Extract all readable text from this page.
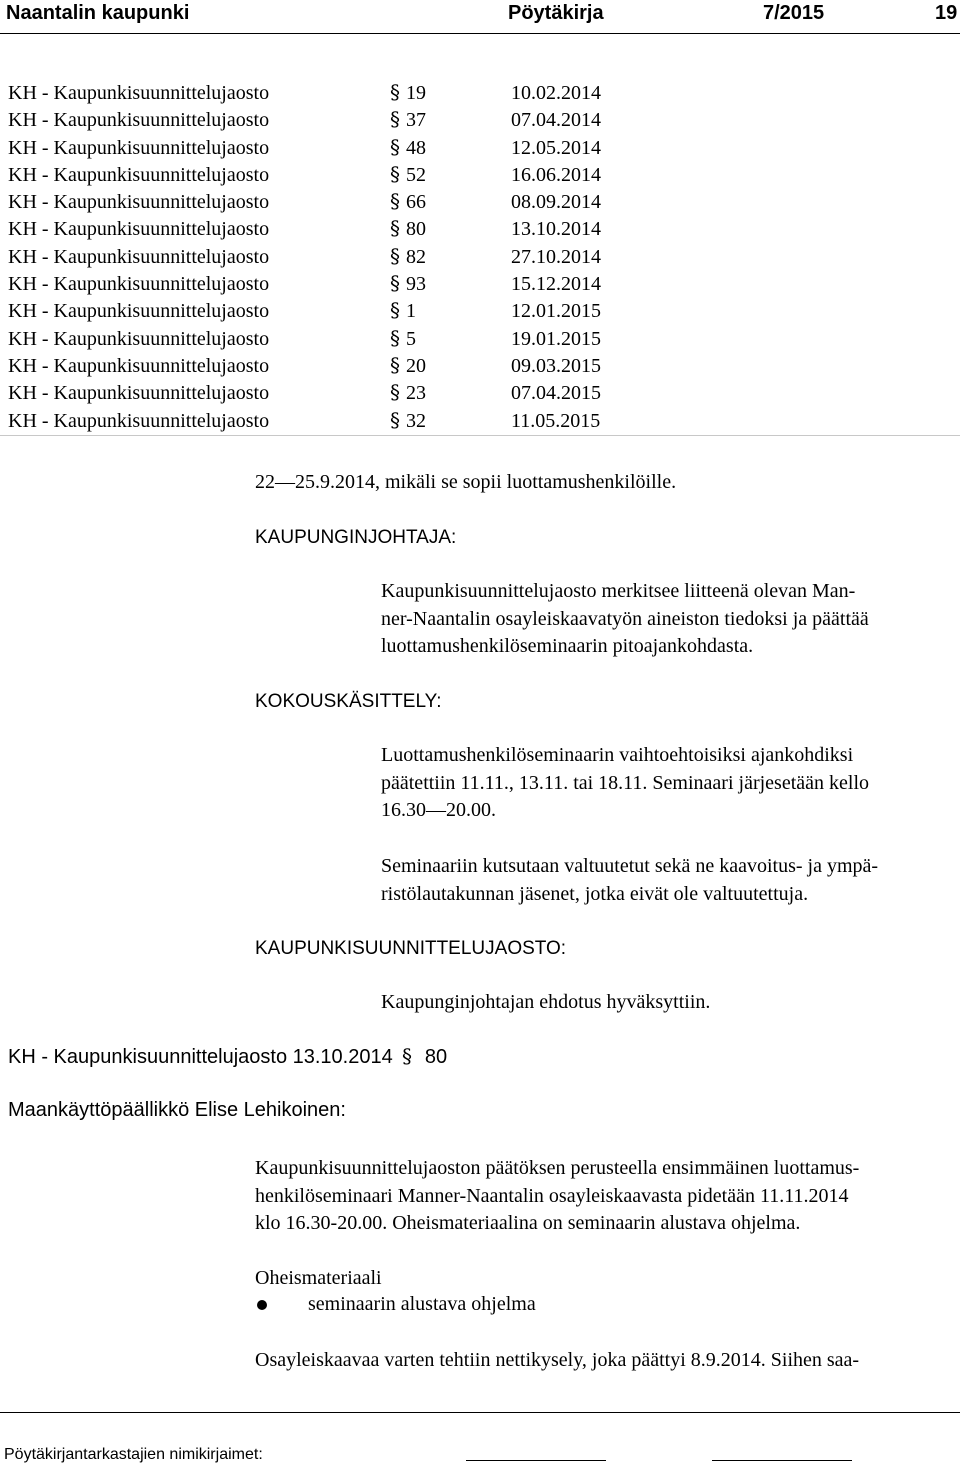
Naantalin kaupunki	Pöytäkirja	7/2015	19
KH - Kaupunkisuunnittelujaosto	§ 19	10.02.2014
KH - Kaupunkisuunnittelujaosto	§ 37	07.04.2014
KH - Kaupunkisuunnittelujaosto	§ 48	12.05.2014
KH - Kaupunkisuunnittelujaosto	§ 52	16.06.2014
KH - Kaupunkisuunnittelujaosto	§ 66	08.09.2014
KH - Kaupunkisuunnittelujaosto	§ 80	13.10.2014
KH - Kaupunkisuunnittelujaosto	§ 82	27.10.2014
KH - Kaupunkisuunnittelujaosto	§ 93	15.12.2014
KH - Kaupunkisuunnittelujaosto	§ 1	12.01.2015
KH - Kaupunkisuunnittelujaosto	§ 5	19.01.2015
KH - Kaupunkisuunnittelujaosto	§ 20	09.03.2015
KH - Kaupunkisuunnittelujaosto	§ 23	07.04.2015
KH - Kaupunkisuunnittelujaosto	§ 32	11.05.2015
22—25.9.2014, mikäli se sopii luottamushenkilöille.
KAUPUNGINJOHTAJA:
Kaupunkisuunnittelujaosto merkitsee liitteenä olevan Man-
ner-Naantalin osayleiskaavatyön aineiston tiedoksi ja päättää
luottamushenkilöseminaarin pitoajankohdasta.
KOKOUSKÄSITTELY:
Luottamushenkilöseminaarin vaihtoehtoisiksi ajankohdiksi
päätettiin 11.11., 13.11. tai 18.11. Seminaari järjesetään kello
16.30—20.00.
Seminaariin kutsutaan valtuutetut sekä ne kaavoitus- ja ympä-
ristölautakunnan jäsenet, jotka eivät ole valtuutettuja.
KAUPUNKISUUNNITTELUJAOSTO:
Kaupunginjohtajan ehdotus hyväksyttiin.
KH - Kaupunkisuunnittelujaosto 13.10.2014 § 80
Maankäyttöpäällikkö Elise Lehikoinen:
Kaupunkisuunnittelujaoston päätöksen perusteella ensimmäinen luottamus-
henkilöseminaari Manner-Naantalin osayleiskaavasta pidetään 11.11.2014
klo 16.30-20.00. Oheismateriaalina on seminaarin alustava ohjelma.
Oheismateriaali
seminaarin alustava ohjelma
Osayleiskaavaa varten tehtiin nettikysely, joka päättyi 8.9.2014. Siihen saa-
Pöytäkirjantarkastajien nimikirjaimet:
